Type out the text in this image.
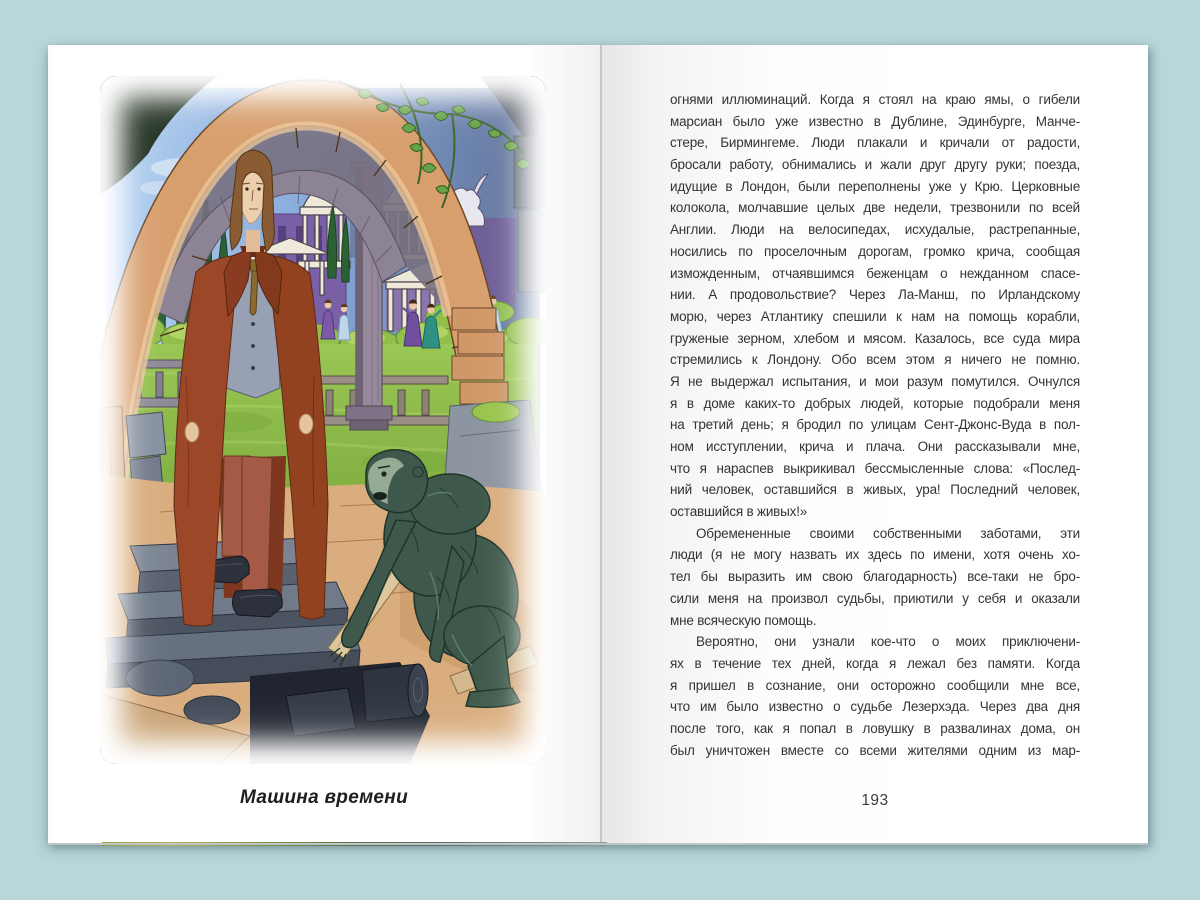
Машина времени
огнями иллюминаций. Когда я стоял на краю ямы, о гибели
марсиан было уже известно в Дублине, Эдинбурге, Манче-
стере, Бирмингеме. Люди плакали и кричали от радости,
бросали работу, обнимались и жали друг другу руки; поезда,
идущие в Лондон, были переполнены уже у Крю. Церковные
колокола, молчавшие целых две недели, трезвонили по всей
Англии. Люди на велосипедах, исхудалые, растрепанные,
носились по проселочным дорогам, громко крича, сообщая
изможденным, отчаявшимся беженцам о нежданном спасе-
нии. А продовольствие? Через Ла-Манш, по Ирландскому
морю, через Атлантику спешили к нам на помощь корабли,
груженые зерном, хлебом и мясом. Казалось, все суда мира
стремились к Лондону. Обо всем этом я ничего не помню.
Я не выдержал испытания, и мои разум помутился. Очнулся
я в доме каких-то добрых людей, которые подобрали меня
на третий день; я бродил по улицам Сент-Джонс-Вуда в пол-
ном исступлении, крича и плача. Они рассказывали мне,
что я нараспев выкрикивал бессмысленные слова: «Послед-
ний человек, оставшийся в живых, ура! Последний человек,
оставшийся в живых!»
Обремененные своими собственными заботами, эти
люди (я не могу назвать их здесь по имени, хотя очень хо-
тел бы выразить им свою благодарность) все-таки не бро-
сили меня на произвол судьбы, приютили у себя и оказали
мне всяческую помощь.
Вероятно, они узнали кое-что о моих приключени-
ях в течение тех дней, когда я лежал без памяти. Когда
я пришел в сознание, они осторожно сообщили мне все,
что им было известно о судьбе Лезерхэда. Через два дня
после того, как я попал в ловушку в развалинах дома, он
был уничтожен вместе со всеми жителями одним из мар-
193
